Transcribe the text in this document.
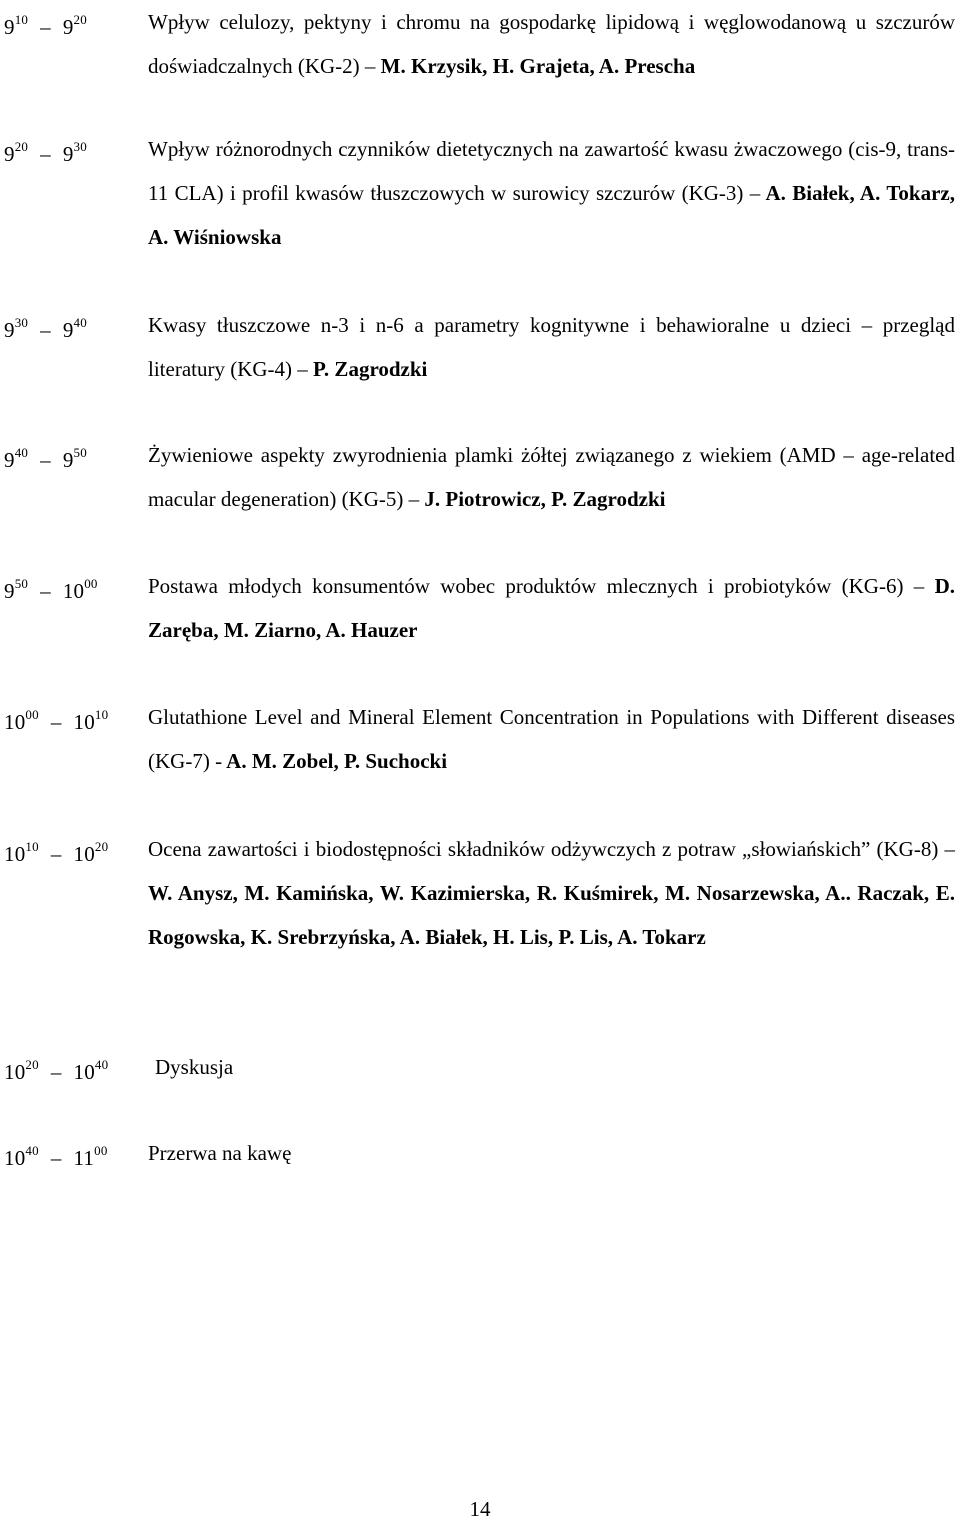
$9^{10} - 9^{20}$	Wpływ celulozy, pektyny i chromu na gospodarkę lipidową i węglowodanową u szczurów doświadczalnych (KG-2) – M. Krzysik, H. Grajeta, A. Prescha
$9^{20} - 9^{30}$	Wpływ różnorodnych czynników dietetycznych na zawartość kwasu żwaczowego (cis-9, trans-11 CLA) i profil kwasów tłuszczowych w surowicy szczurów (KG-3) – A. Białek, A. Tokarz, A. Wiśniowska
$9^{30} - 9^{40}$	Kwasy tłuszczowe n-3 i n-6 a parametry kognitywne i behawioralne u dzieci – przegląd literatury (KG-4) – P. Zagrodzki
$9^{40} - 9^{50}$	Żywieniowe aspekty zwyrodnienia plamki żółtej związanego z wiekiem (AMD – age-related macular degeneration) (KG-5) – J. Piotrowicz, P. Zagrodzki
$9^{50} - 10^{00}$	Postawa młodych konsumentów wobec produktów mlecznych i probiotyków (KG-6) – D. Zaręba, M. Ziarno, A. Hauzer
$10^{00} - 10^{10}$	Glutathione Level and Mineral Element Concentration in Populations with Different diseases (KG-7) - A. M. Zobel, P. Suchocki
$10^{10} - 10^{20}$	Ocena zawartości i biodostępności składników odżywczych z potraw „słowiańskich” (KG-8) – W. Anysz, M. Kamińska, W. Kazimierska, R. Kuśmirek, M. Nosarzewska, A.. Raczak, E. Rogowska, K. Srebrzyńska, A. Białek, H. Lis, P. Lis, A. Tokarz
$10^{20} - 10^{40}$	Dyskusja
$10^{40} - 11^{00}$	Przerwa na kawę
14
